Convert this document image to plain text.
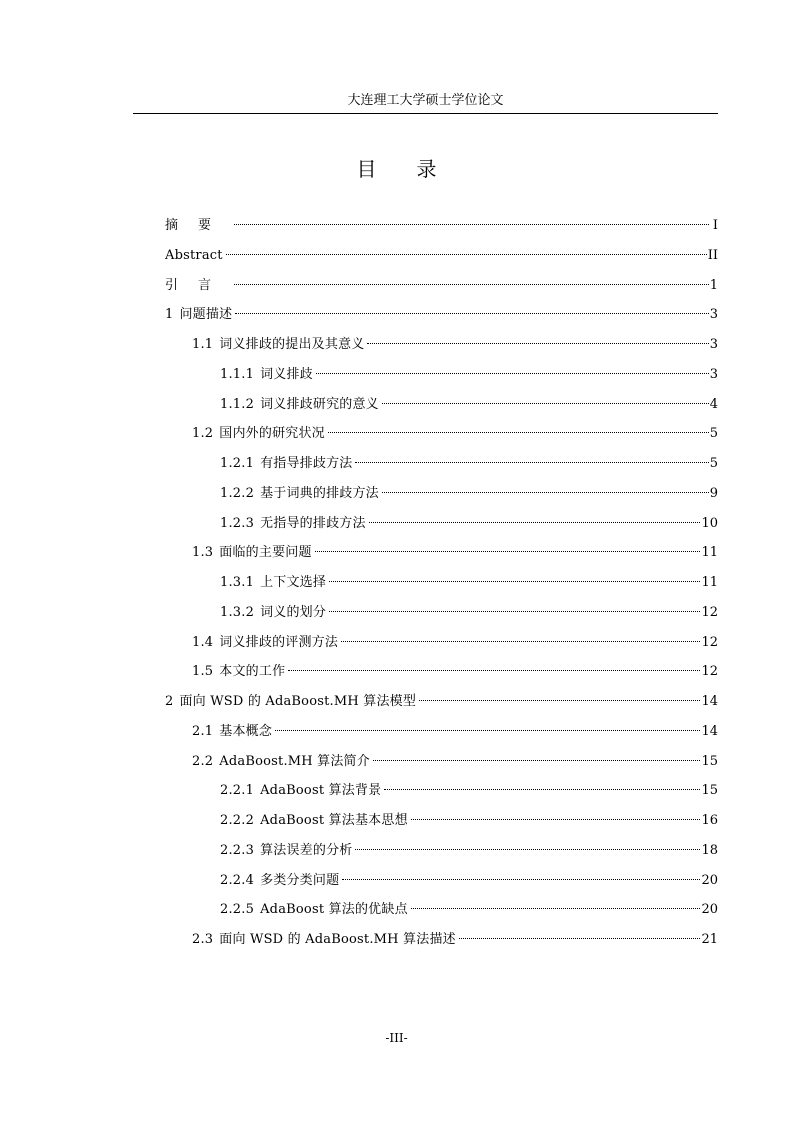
大连理工大学硕士学位论文
目录
摘要	I
Abstract	II
引言	1
1 问题描述	3
1.1 词义排歧的提出及其意义	3
1.1.1 词义排歧	3
1.1.2 词义排歧研究的意义	4
1.2 国内外的研究状况	5
1.2.1 有指导排歧方法	5
1.2.2 基于词典的排歧方法	9
1.2.3 无指导的排歧方法	10
1.3 面临的主要问题	11
1.3.1 上下文选择	11
1.3.2 词义的划分	12
1.4 词义排歧的评测方法	12
1.5 本文的工作	12
2 面向 WSD 的 AdaBoost.MH 算法模型	14
2.1 基本概念	14
2.2 AdaBoost.MH 算法简介	15
2.2.1 AdaBoost 算法背景	15
2.2.2 AdaBoost 算法基本思想	16
2.2.3 算法误差的分析	18
2.2.4 多类分类问题	20
2.2.5 AdaBoost 算法的优缺点	20
2.3 面向 WSD 的 AdaBoost.MH 算法描述	21
-III-
